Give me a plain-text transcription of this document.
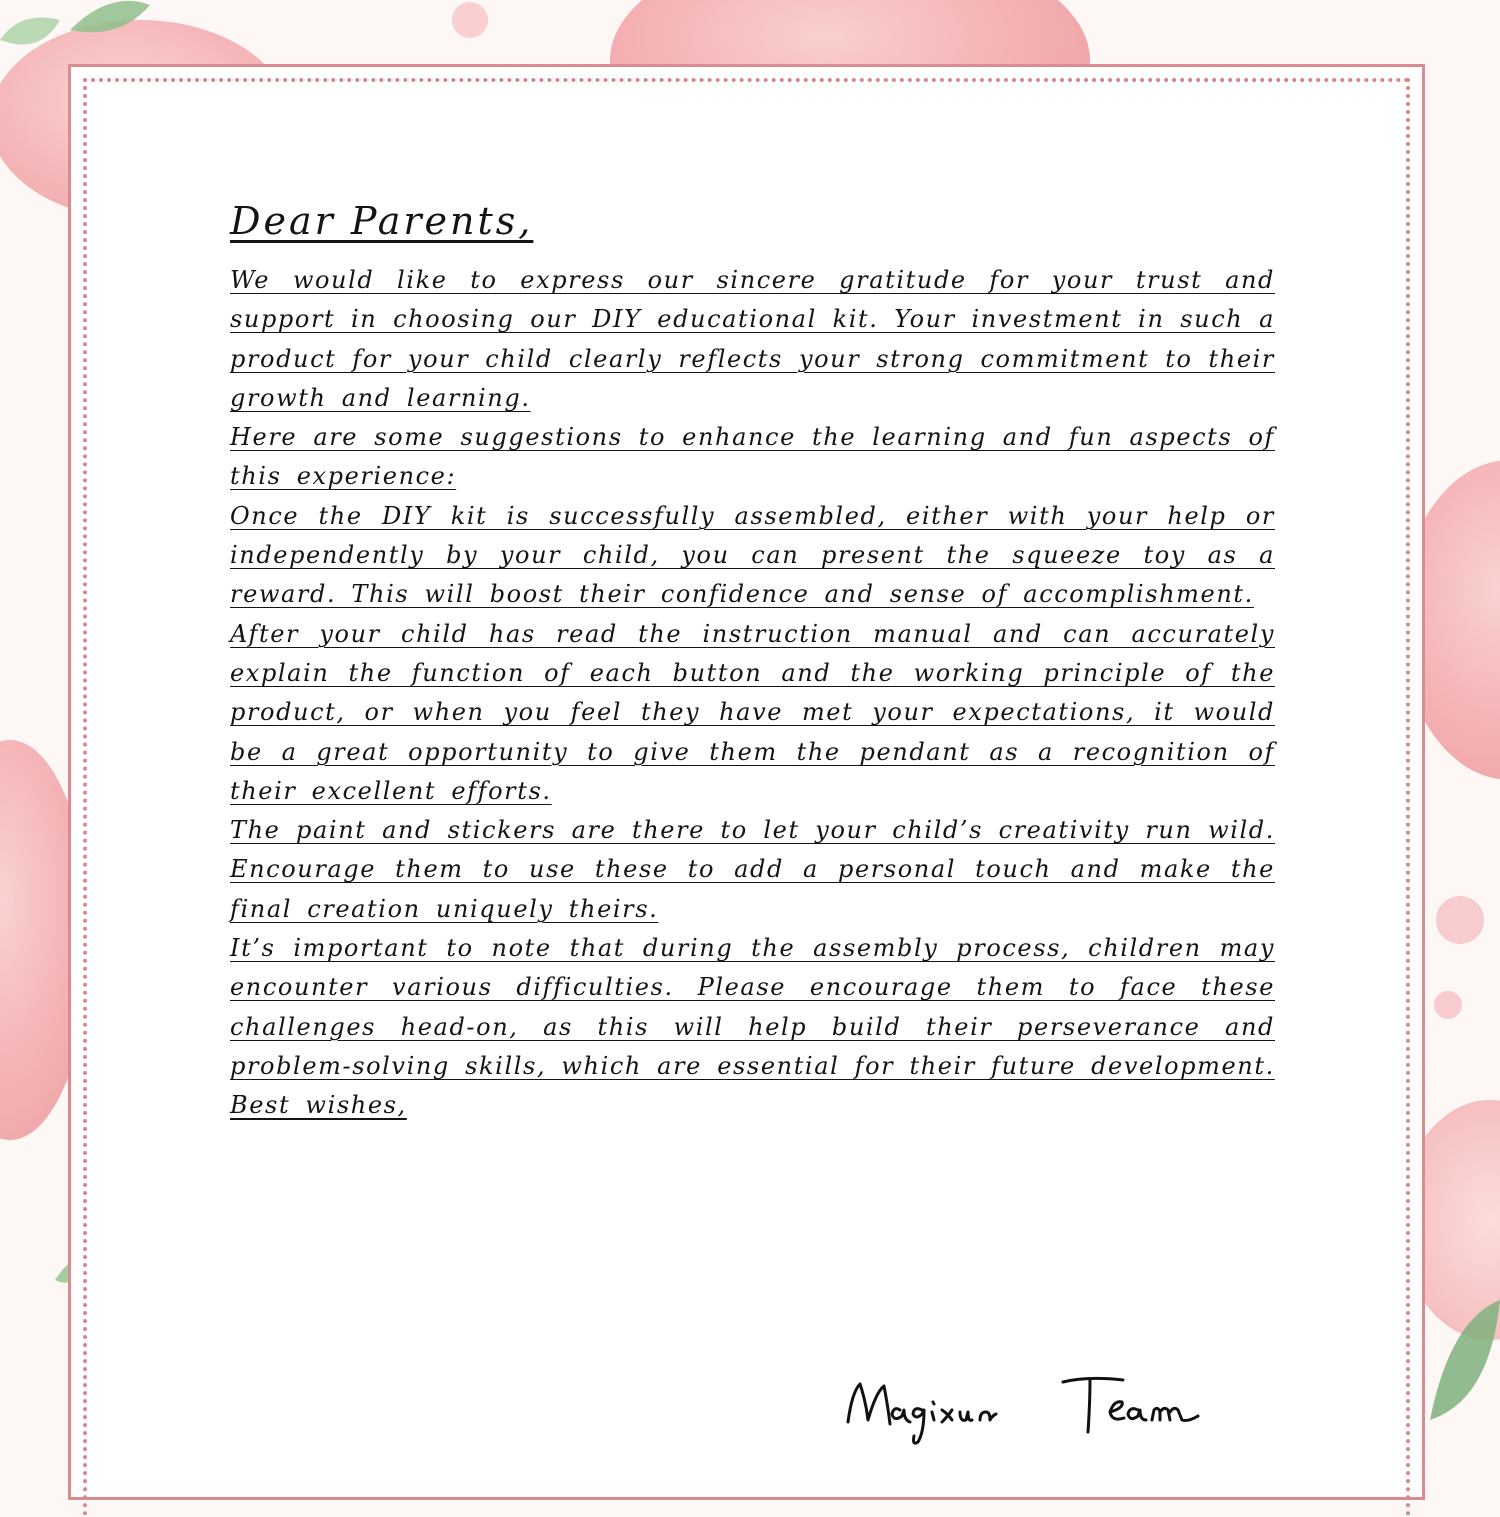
Dear Parents,

We would like to express our sincere gratitude for your trust and support in choosing our DIY educational kit. Your investment in such a product for your child clearly reflects your strong commitment to their growth and learning.

Here are some suggestions to enhance the learning and fun aspects of this experience:

Once the DIY kit is successfully assembled, either with your help or independently by your child, you can present the squeeze toy as a reward. This will boost their confidence and sense of accomplishment.

After your child has read the instruction manual and can accurately explain the function of each button and the working principle of the product, or when you feel they have met your expectations, it would be a great opportunity to give them the pendant as a recognition of their excellent efforts.

The paint and stickers are there to let your child’s creativity run wild. Encourage them to use these to add a personal touch and make the final creation uniquely theirs.

It’s important to note that during the assembly process, children may encounter various difficulties. Please encourage them to face these challenges head-on, as this will help build their perseverance and problem-solving skills, which are essential for their future development.

Best wishes,
